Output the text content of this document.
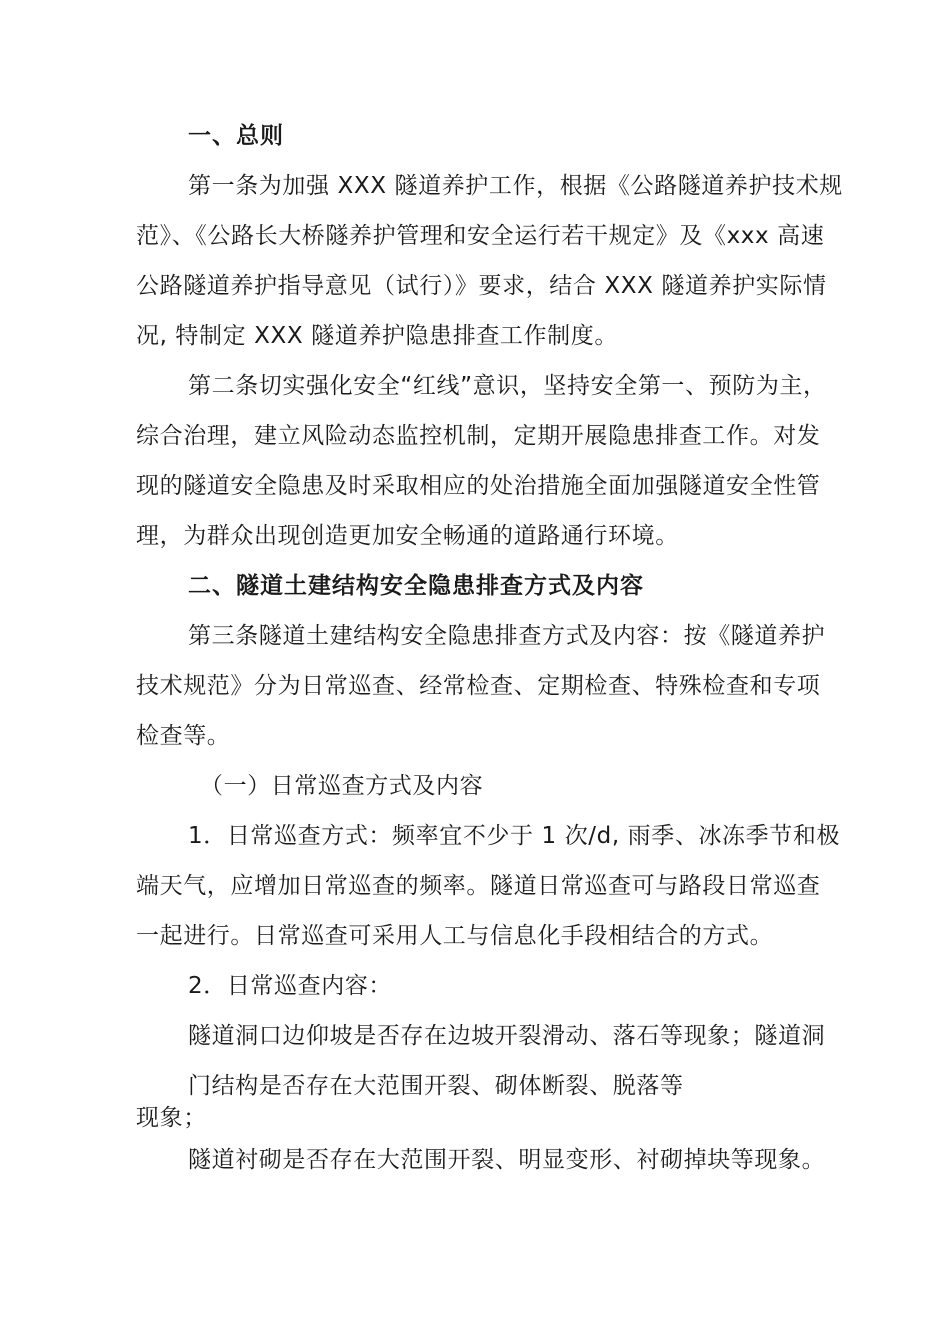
一、总则
第一条为加强 XXX 隧道养护工作，根据《公路隧道养护技术规
范》、《公路长大桥隧养护管理和安全运行若干规定》及《xxx 高速
公路隧道养护指导意见（试行）》要求，结合 XXX 隧道养护实际情
况, 特制定 XXX 隧道养护隐患排查工作制度。
第二条切实强化安全“红线”意识，坚持安全第一、预防为主，
综合治理，建立风险动态监控机制，定期开展隐患排查工作。对发
现的隧道安全隐患及时采取相应的处治措施全面加强隧道安全性管
理，为群众出现创造更加安全畅通的道路通行环境。
二、隧道土建结构安全隐患排查方式及内容
第三条隧道土建结构安全隐患排查方式及内容：按《隧道养护
技术规范》分为日常巡查、经常检查、定期检查、特殊检查和专项
检查等。
（一）日常巡查方式及内容
1．日常巡查方式：频率宜不少于 1 次/d, 雨季、冰冻季节和极
端天气，应增加日常巡查的频率。隧道日常巡查可与路段日常巡查
一起进行。日常巡查可采用人工与信息化手段相结合的方式。
2．日常巡查内容：
隧道洞口边仰坡是否存在边坡开裂滑动、落石等现象；隧道洞
门结构是否存在大范围开裂、砌体断裂、脱落等
现象；
隧道衬砌是否存在大范围开裂、明显变形、衬砌掉块等现象。
